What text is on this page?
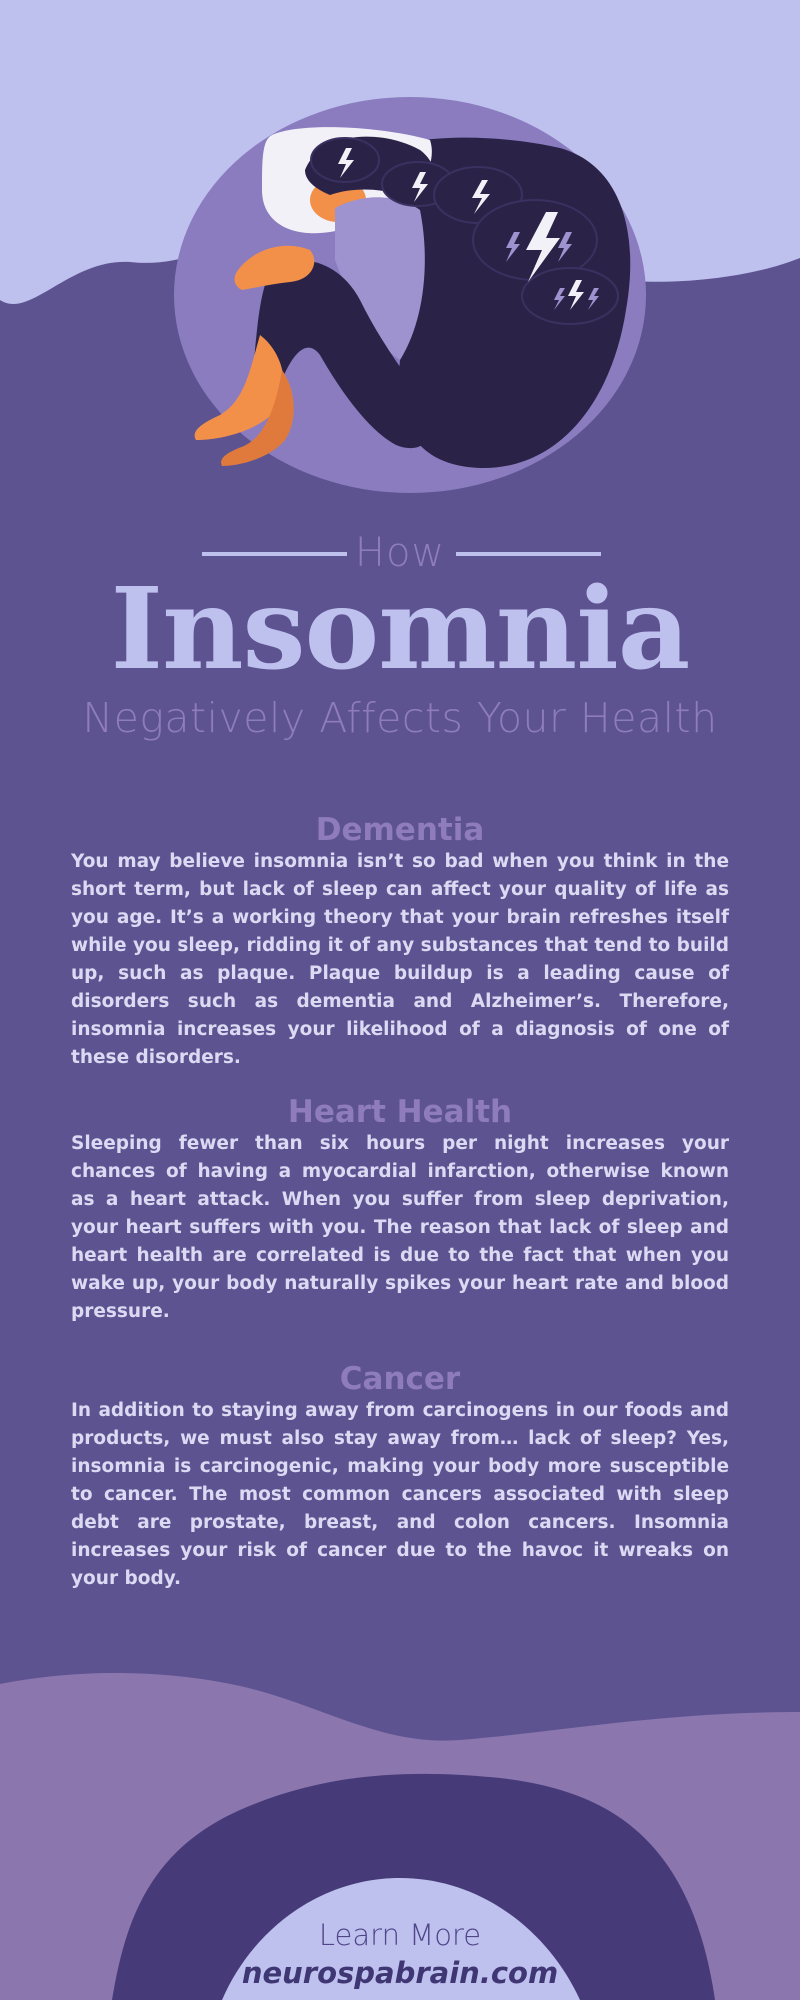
How
Insomnia
Negatively Affects Your Health
Dementia

You may believe insomnia isn’t so bad when you think in the short term, but lack of sleep can affect your quality of life as you age. It’s a working theory that your brain refreshes itself while you sleep, ridding it of any substances that tend to build up, such as plaque. Plaque buildup is a leading cause of disorders such as dementia and Alzheimer’s. Therefore, insomnia increases your likelihood of a diagnosis of one of these disorders.

Heart Health

Sleeping fewer than six hours per night increases your chances of having a myocardial infarction, otherwise known as a heart attack. When you suffer from sleep deprivation, your heart suffers with you. The reason that lack of sleep and heart health are correlated is due to the fact that when you wake up, your body naturally spikes your heart rate and blood pressure.

Cancer

In addition to staying away from carcinogens in our foods and products, we must also stay away from… lack of sleep? Yes, insomnia is carcinogenic, making your body more susceptible to cancer. The most common cancers associated with sleep debt are prostate, breast, and colon cancers. Insomnia increases your risk of cancer due to the havoc it wreaks on your body.

Learn More
neurospabrain.com
